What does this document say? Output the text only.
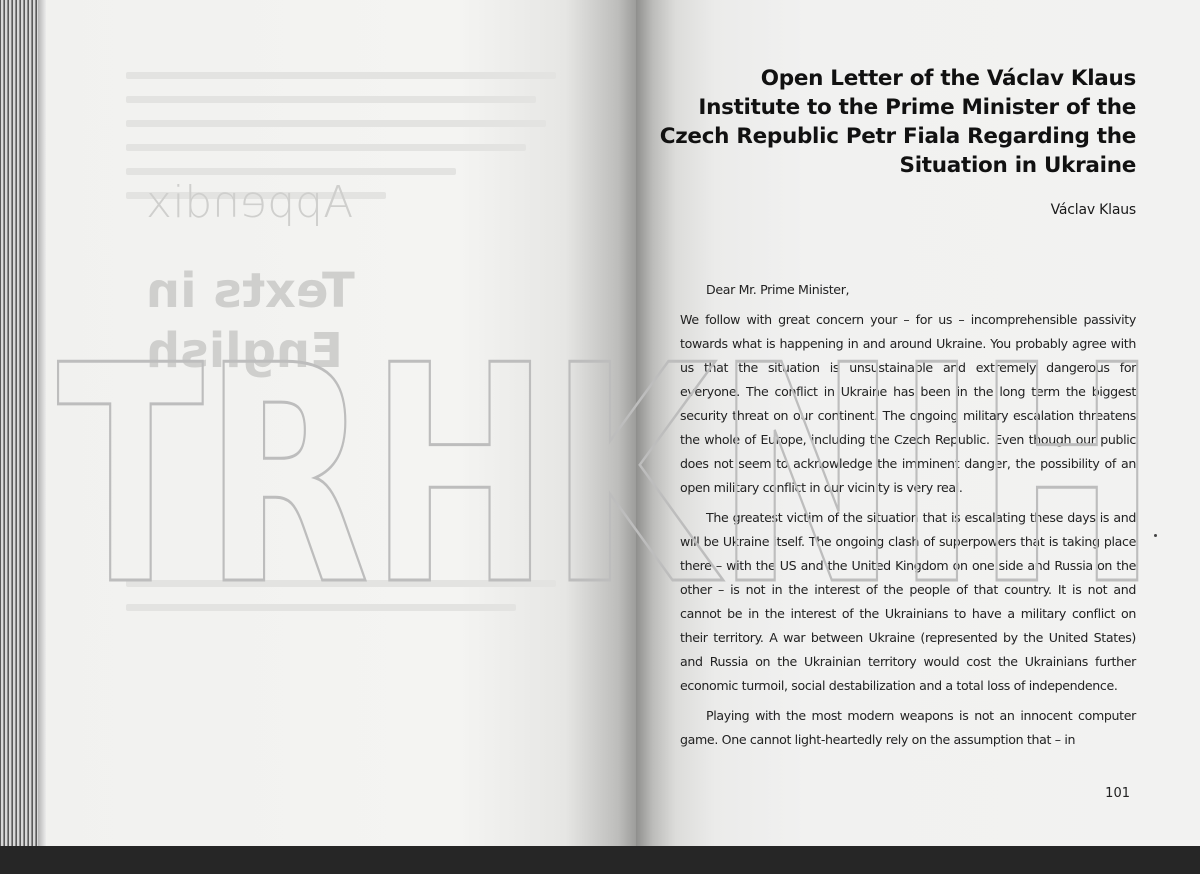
Appendix
Texts in English
Open Letter of the Václav Klaus Institute to the Prime Minister of the Czech Republic Petr Fiala Regarding the Situation in Ukraine
Václav Klaus

Dear Mr. Prime Minister,

We follow with great concern your – for us – incomprehensible passivity towards what is happening in and around Ukraine. You probably agree with us that the situation is unsustainable and extremely dangerous for everyone. The conflict in Ukraine has been in the long term the biggest security threat on our continent. The ongoing military escalation threatens the whole of Europe, including the Czech Republic. Even though our public does not seem to acknowledge the imminent danger, the possibility of an open military conflict in our vicinity is very real.

The greatest victim of the situation that is escalating these days is and will be Ukraine itself. The ongoing clash of superpowers that is taking place there – with the US and the United Kingdom on one side and Russia on the other – is not in the interest of the people of that country. It is not and cannot be in the interest of the Ukrainians to have a military conflict on their territory. A war between Ukraine (represented by the United States) and Russia on the Ukrainian territory would cost the Ukrainians further economic turmoil, social destabilization and a total loss of independence.

Playing with the most modern weapons is not an innocent computer game. One cannot light-heartedly rely on the assumption that – in

101
TRHKNIH
